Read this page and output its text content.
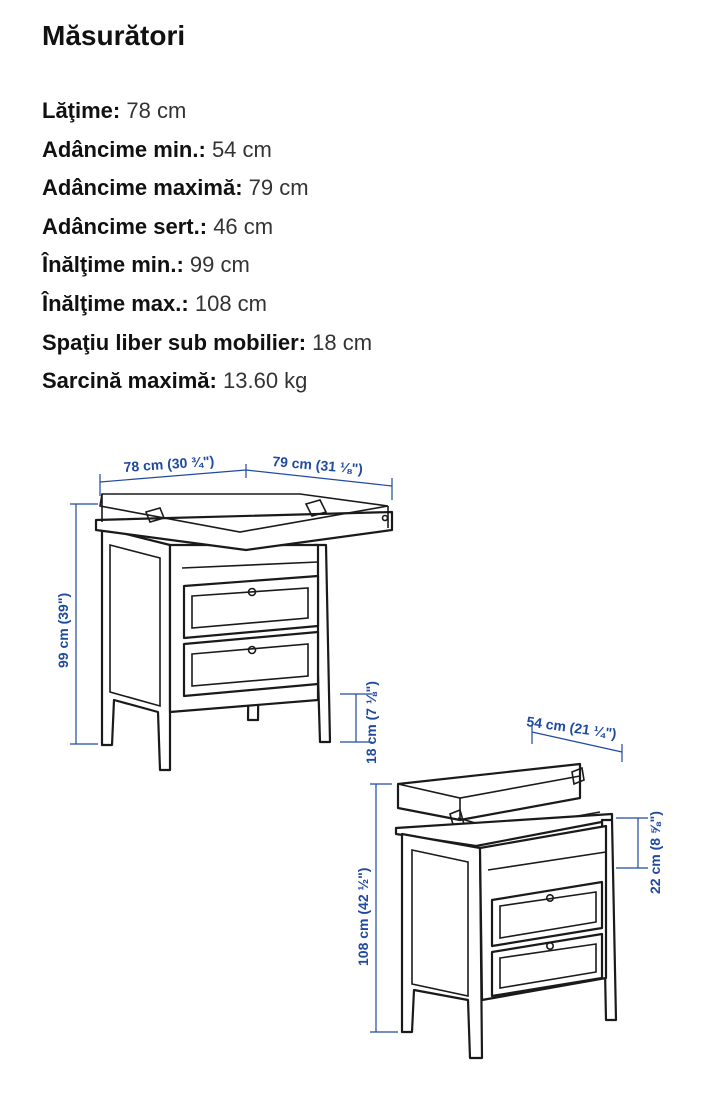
Măsurători
Lăţime: 78 cm
Adâncime min.: 54 cm
Adâncime maximă: 79 cm
Adâncime sert.: 46 cm
Înălţime min.: 99 cm
Înălţime max.: 108 cm
Spaţiu liber sub mobilier: 18 cm
Sarcină maximă: 13.60 kg
78 cm (30 ¾")	79 cm (31 ⅛")
99 cm (39")
18 cm (7 ⅛")	54 cm (21 ¼")
108 cm (42 ½")
22 cm (8 ⅝")
